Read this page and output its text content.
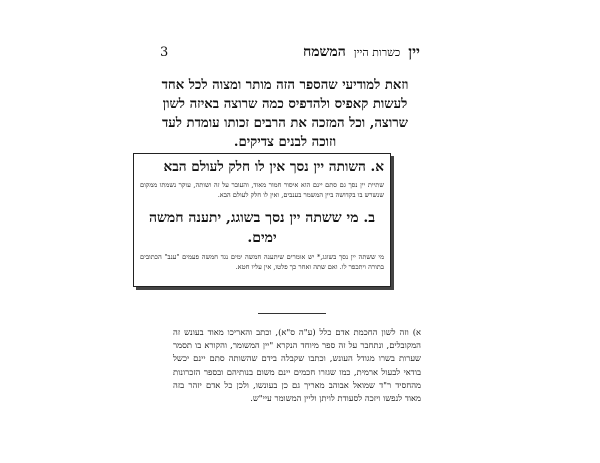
3	יין
כשרות היין
המשמח
וזאת למודיעי שהספר הזה מותר ומצוה לכל אחד לעשות קאפיס ולהדפיס כמה שרוצה באיזה לשון שרוצה, וכל המזכה את הרבים זכותו עומדת לעד וזוכה לבנים צדיקים.
א. השותה יין נסך אין לו חלק לעולם הבא
שתיית יין נסך גם סתם יינם הוא איסור חמור מאוד, והעובר על זה ושותה, עוקר נשמתו ממקום שנשרש בו בקדושה ביין המשמר בענבים, ואין לו חלק לעולם הבא.
ב. מי ששתה יין נסך בשוגג, יתענה חמשה ימים.
מי ששתה יין נסך בשוגג,* יש אומרים שיתענה חמשה ימים נגד חמשה פעמים "ענב" הכתובים בתורה ויתכפר לו. ואם שתה ואחר כך פלטו, אין עליו חטא.
א) וזה לשון החכמת אדם כלל (ע"ה ס"א), וכתב והאריכו מאוד בעונש זה המקובלים, ונתחבר על זה ספר מיוחד הנקרא "יין המשומר, והקורא בו תסמר שערות בשרו מגודל העונש, וכתבו שקבלה בידם שהשותה סתם יינם יכשל בודאי לבעול ארמית, כמו שגזרו חכמים יינם משום בנותיהם ובספר הזכרונות מהחסיד ר"ד שמואל אבוהב מאריך גם כן בעונשו, ולכן כל אדם יזהר בזה מאוד לנפשו ויזכה לסעודת לויתן וליין המשומר עיי"ש.
